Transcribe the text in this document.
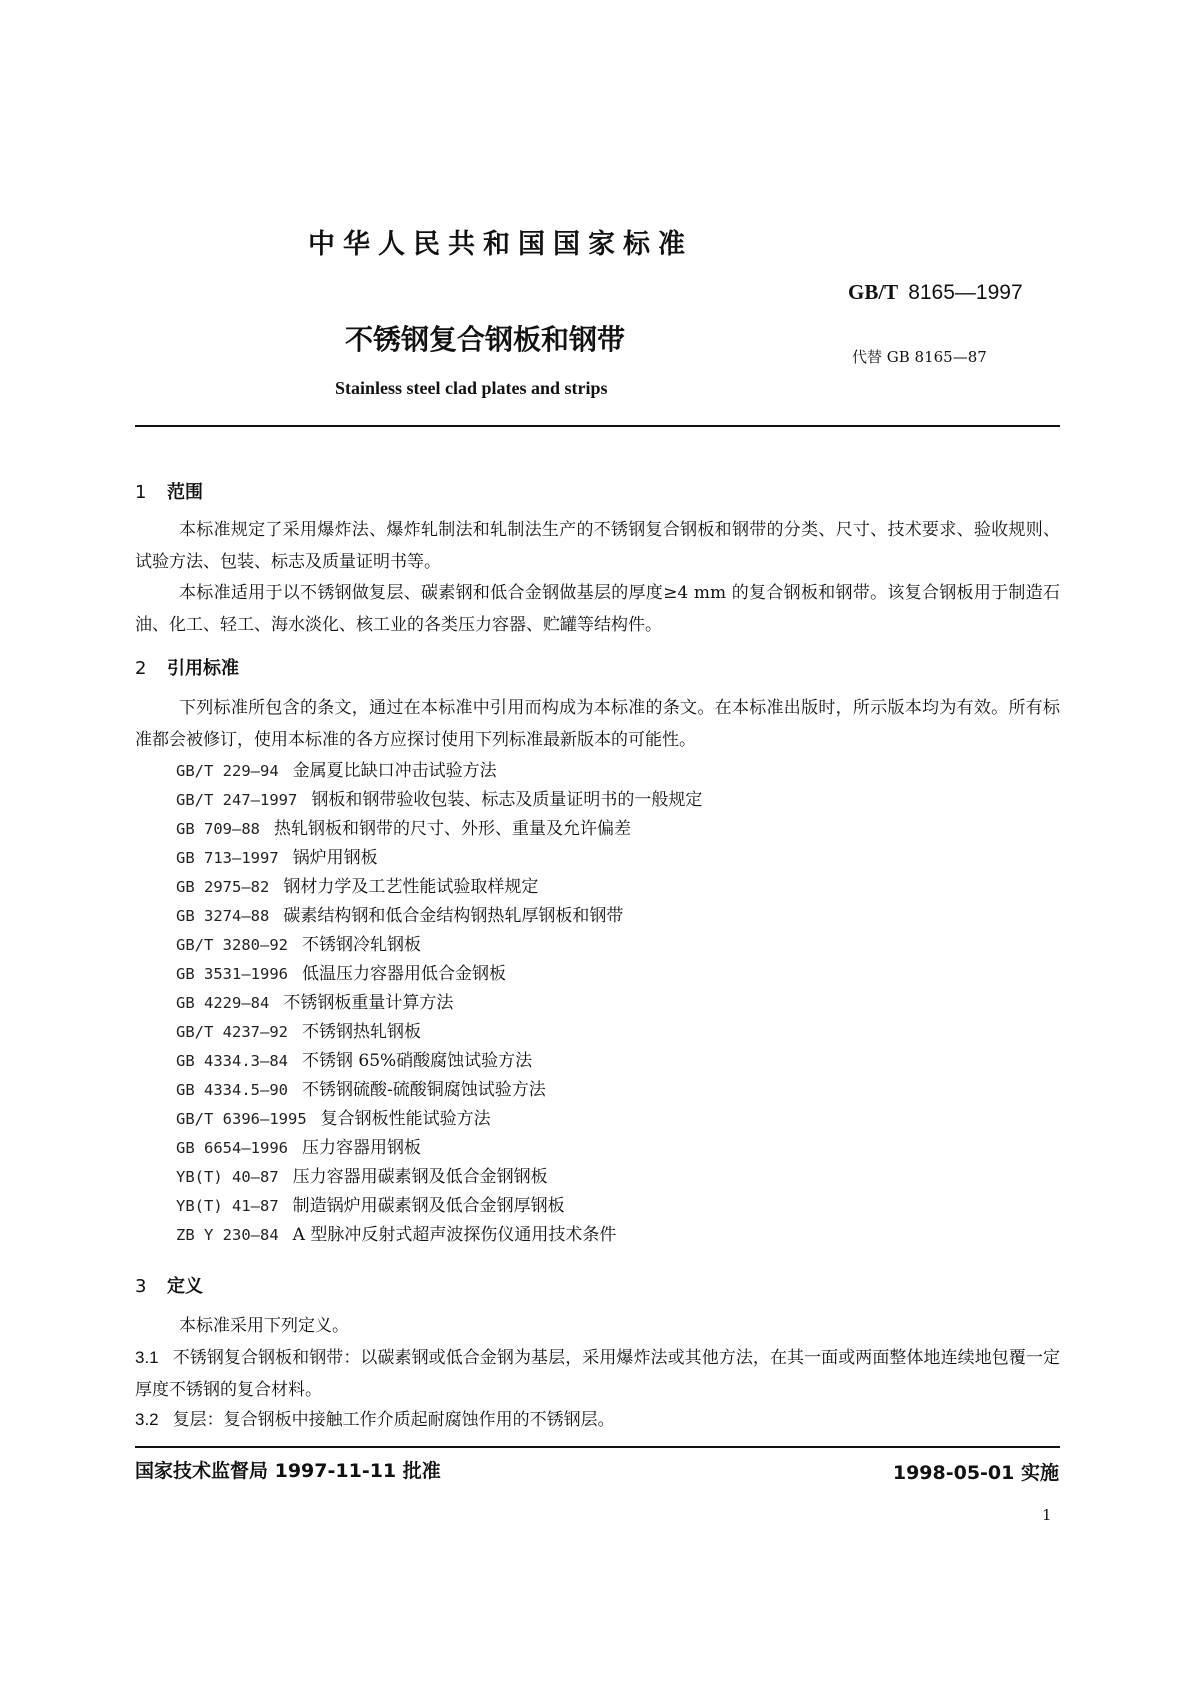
中华人民共和国国家标准
GB/T 8165—1997
不锈钢复合钢板和钢带
代替 GB 8165—87
Stainless steel clad plates and strips
1 范围
本标准规定了采用爆炸法、爆炸轧制法和轧制法生产的不锈钢复合钢板和钢带的分类、尺寸、技术要求、验收规则、试验方法、包装、标志及质量证明书等。
本标准适用于以不锈钢做复层、碳素钢和低合金钢做基层的厚度≥4 mm 的复合钢板和钢带。该复合钢板用于制造石油、化工、轻工、海水淡化、核工业的各类压力容器、贮罐等结构件。
2 引用标准
下列标准所包含的条文，通过在本标准中引用而构成为本标准的条文。在本标准出版时，所示版本均为有效。所有标准都会被修订，使用本标准的各方应探讨使用下列标准最新版本的可能性。
GB/T 229—94 金属夏比缺口冲击试验方法
GB/T 247—1997 钢板和钢带验收包装、标志及质量证明书的一般规定
GB 709—88 热轧钢板和钢带的尺寸、外形、重量及允许偏差
GB 713—1997 锅炉用钢板
GB 2975—82 钢材力学及工艺性能试验取样规定
GB 3274—88 碳素结构钢和低合金结构钢热轧厚钢板和钢带
GB/T 3280—92 不锈钢冷轧钢板
GB 3531—1996 低温压力容器用低合金钢板
GB 4229—84 不锈钢板重量计算方法
GB/T 4237—92 不锈钢热轧钢板
GB 4334.3—84 不锈钢 65%硝酸腐蚀试验方法
GB 4334.5—90 不锈钢硫酸-硫酸铜腐蚀试验方法
GB/T 6396—1995 复合钢板性能试验方法
GB 6654—1996 压力容器用钢板
YB(T) 40—87 压力容器用碳素钢及低合金钢钢板
YB(T) 41—87 制造锅炉用碳素钢及低合金钢厚钢板
ZB Y 230—84 A 型脉冲反射式超声波探伤仪通用技术条件
3 定义
本标准采用下列定义。
3.1 不锈钢复合钢板和钢带：以碳素钢或低合金钢为基层，采用爆炸法或其他方法，在其一面或两面整体地连续地包覆一定厚度不锈钢的复合材料。
3.2 复层：复合钢板中接触工作介质起耐腐蚀作用的不锈钢层。
国家技术监督局 1997-11-11 批准	1998-05-01 实施
1
